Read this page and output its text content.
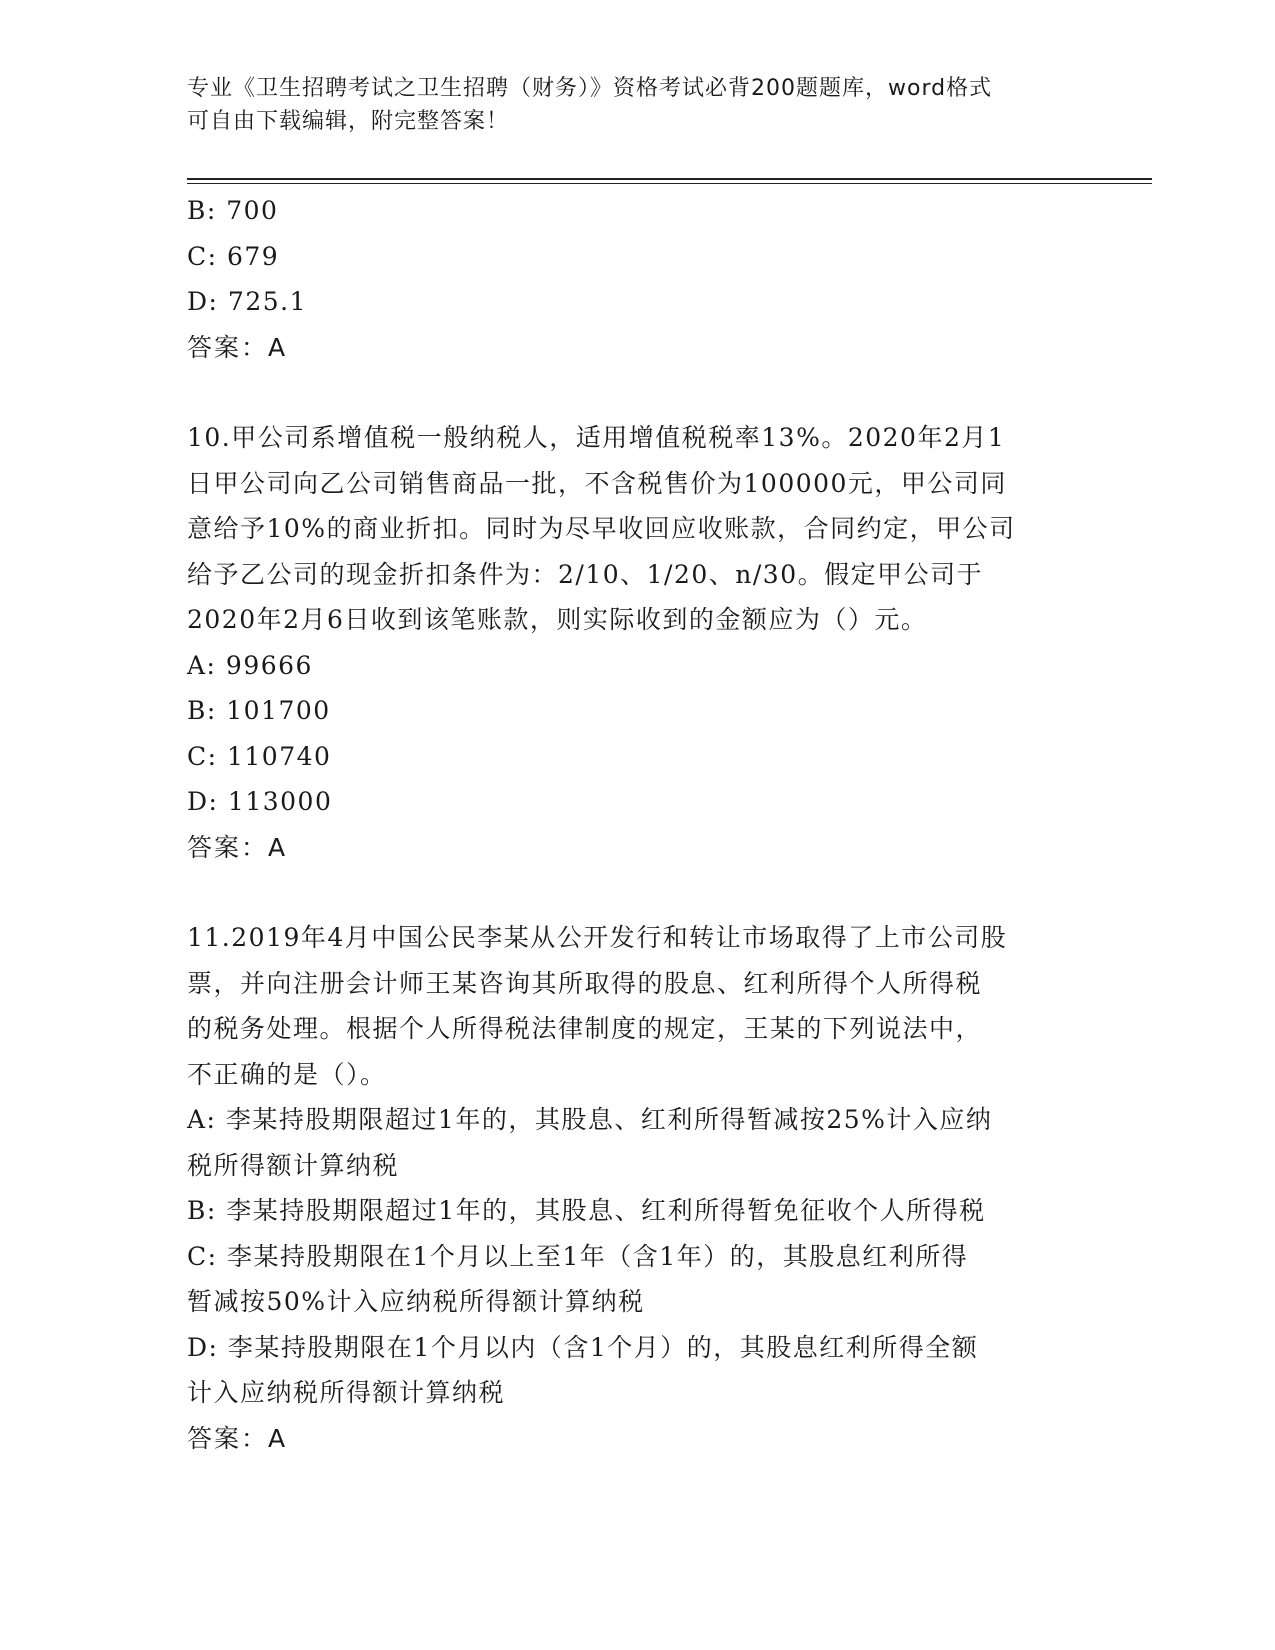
专业《卫生招聘考试之卫生招聘（财务）》资格考试必背200题题库，word格式
可自由下载编辑，附完整答案！
B: 700
C: 679
D: 725.1
答案：A
10.甲公司系增值税一般纳税人，适用增值税税率13%。2020年2月1
日甲公司向乙公司销售商品一批，不含税售价为100000元，甲公司同
意给予10%的商业折扣。同时为尽早收回应收账款，合同约定，甲公司
给予乙公司的现金折扣条件为：2/10、1/20、n/30。假定甲公司于
2020年2月6日收到该笔账款，则实际收到的金额应为（）元。
A: 99666
B: 101700
C: 110740
D: 113000
答案：A
11.2019年4月中国公民李某从公开发行和转让市场取得了上市公司股
票，并向注册会计师王某咨询其所取得的股息、红利所得个人所得税
的税务处理。根据个人所得税法律制度的规定，王某的下列说法中，
不正确的是（）。
A: 李某持股期限超过1年的，其股息、红利所得暂减按25%计入应纳
税所得额计算纳税
B: 李某持股期限超过1年的，其股息、红利所得暂免征收个人所得税
C: 李某持股期限在1个月以上至1年（含1年）的，其股息红利所得
暂减按50%计入应纳税所得额计算纳税
D: 李某持股期限在1个月以内（含1个月）的，其股息红利所得全额
计入应纳税所得额计算纳税
答案：A
